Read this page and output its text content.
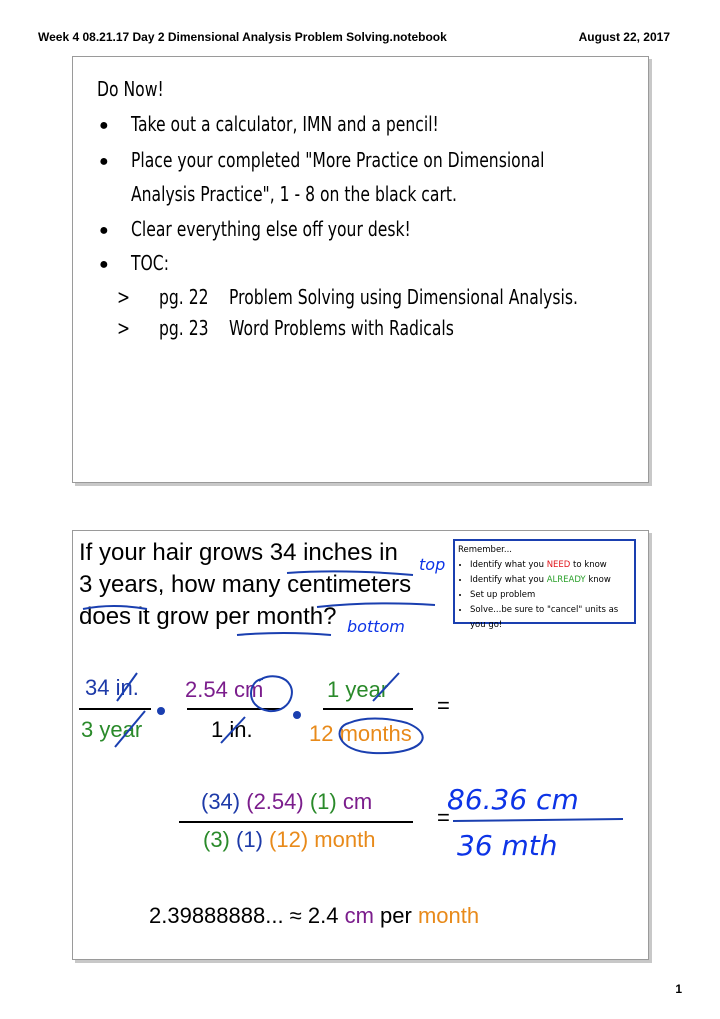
Week 4 08.21.17 Day 2 Dimensional Analysis Problem Solving.notebook	August 22, 2017
Do Now!
● Take out a calculator, IMN and a pencil!
● Place your completed "More Practice on Dimensional
Analysis Practice", 1 - 8 on the black cart.
● Clear everything else off your desk!
● TOC:
> pg. 22 Problem Solving using Dimensional Analysis.
> pg. 23 Word Problems with Radicals
If your hair grows 34 inches in
3 years, how many centimeters
does it grow per month?
Remember...
• Identify what you NEED to know
• Identify what you ALREADY know
• Set up problem
• Solve...be sure to "cancel" units as you go!
34 in.
3 year
2.54 cm
1 in.
1 year
12 months
=
(34) (2.54) (1) cm
(3) (1) (12) month
=
top
bottom
86.36 cm
36 mth
2.39888888... ≈ 2.4 cm per month
1
